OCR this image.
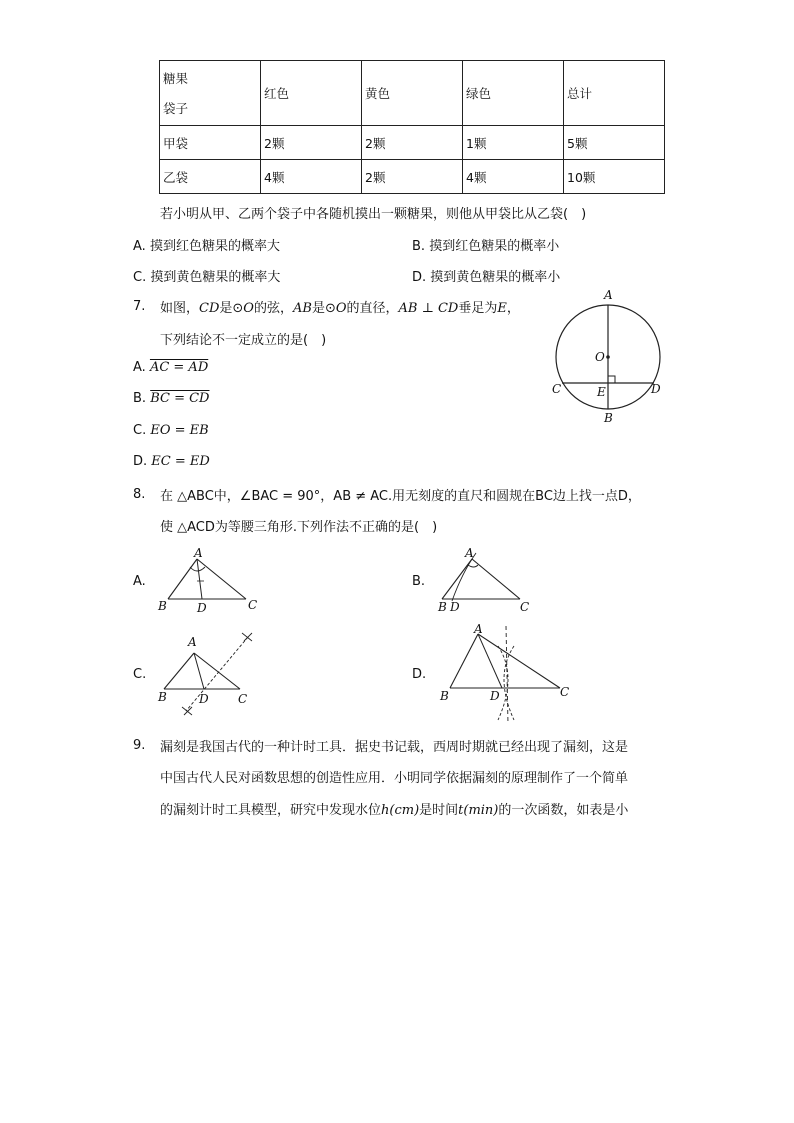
糖果
袋子	红色	黄色	绿色	总计
甲袋	2颗	2颗	1颗	5颗
乙袋	4颗	2颗	4颗	10颗
若小明从甲、乙两个袋子中各随机摸出一颗糖果，则他从甲袋比从乙袋(　)
A. 摸到红色糖果的概率大	B. 摸到红色糖果的概率小
C. 摸到黄色糖果的概率大	D. 摸到黄色糖果的概率小
7. 如图，CD是⊙O的弦，AB是⊙O的直径，AB ⊥ CD垂足为E，
下列结论不一定成立的是(　)
A. AC = AD
B. BC = CD
C. EO = EB
D. EC = ED
A
O
C	E	D
B
8. 在 △ABC中，∠BAC = 90°，AB ≠ AC.用无刻度的直尺和圆规在BC边上找一点D，
使 △ACD为等腰三角形.下列作法不正确的是(　)
A.
A
B	D	C
B.
A
B D	C
C.
A
B	D C
D.
A
B	D	C
9. 漏刻是我国古代的一种计时工具．据史书记载，西周时期就已经出现了漏刻，这是
中国古代人民对函数思想的创造性应用．小明同学依据漏刻的原理制作了一个简单
的漏刻计时工具模型，研究中发现水位h(cm)是时间t(min)的一次函数，如表是小
